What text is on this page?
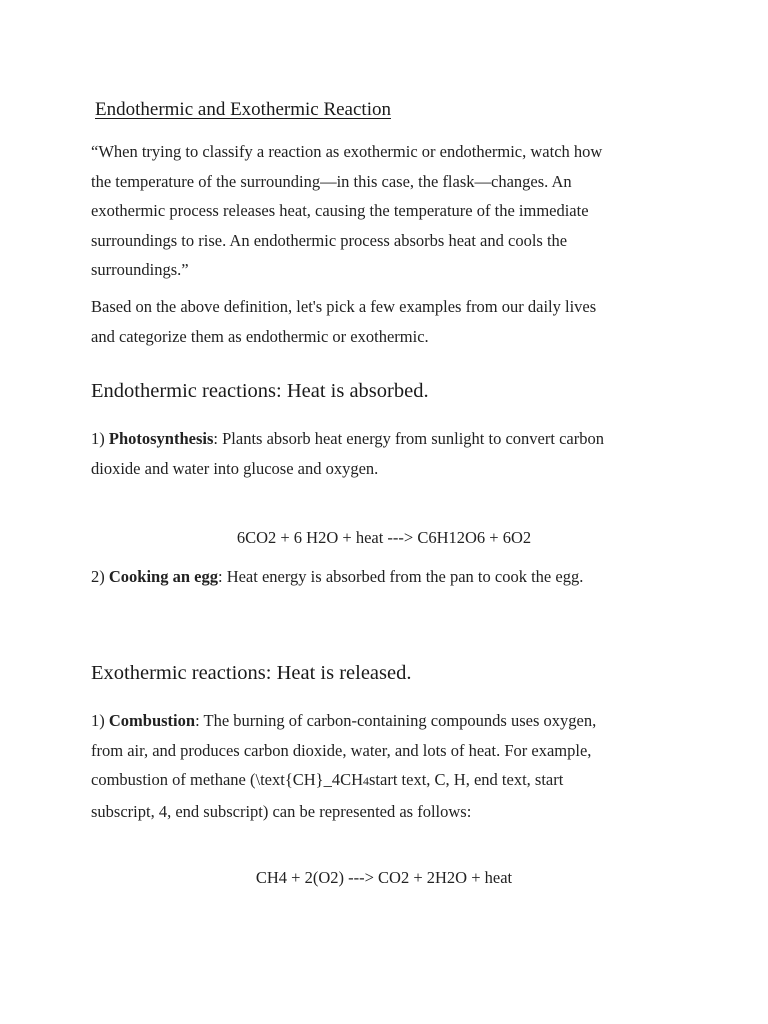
Endothermic and Exothermic Reaction

“When trying to classify a reaction as exothermic or endothermic, watch how
the temperature of the surrounding—in this case, the flask—changes. An
exothermic process releases heat, causing the temperature of the immediate
surroundings to rise. An endothermic process absorbs heat and cools the
surroundings.”

Based on the above definition, let's pick a few examples from our daily lives
and categorize them as endothermic or exothermic.

Endothermic reactions: Heat is absorbed.

1) Photosynthesis: Plants absorb heat energy from sunlight to convert carbon
dioxide and water into glucose and oxygen.

6CO2 + 6 H2O + heat ---> C6H12O6 + 6O2

2) Cooking an egg: Heat energy is absorbed from the pan to cook the egg.

Exothermic reactions: Heat is released.

1) Combustion: The burning of carbon-containing compounds uses oxygen,
from air, and produces carbon dioxide, water, and lots of heat. For example,
combustion of methane (\text{CH}_4CH4start text, C, H, end text, start
subscript, 4, end subscript) can be represented as follows:

CH4 + 2(O2) ---> CO2 + 2H2O + heat
